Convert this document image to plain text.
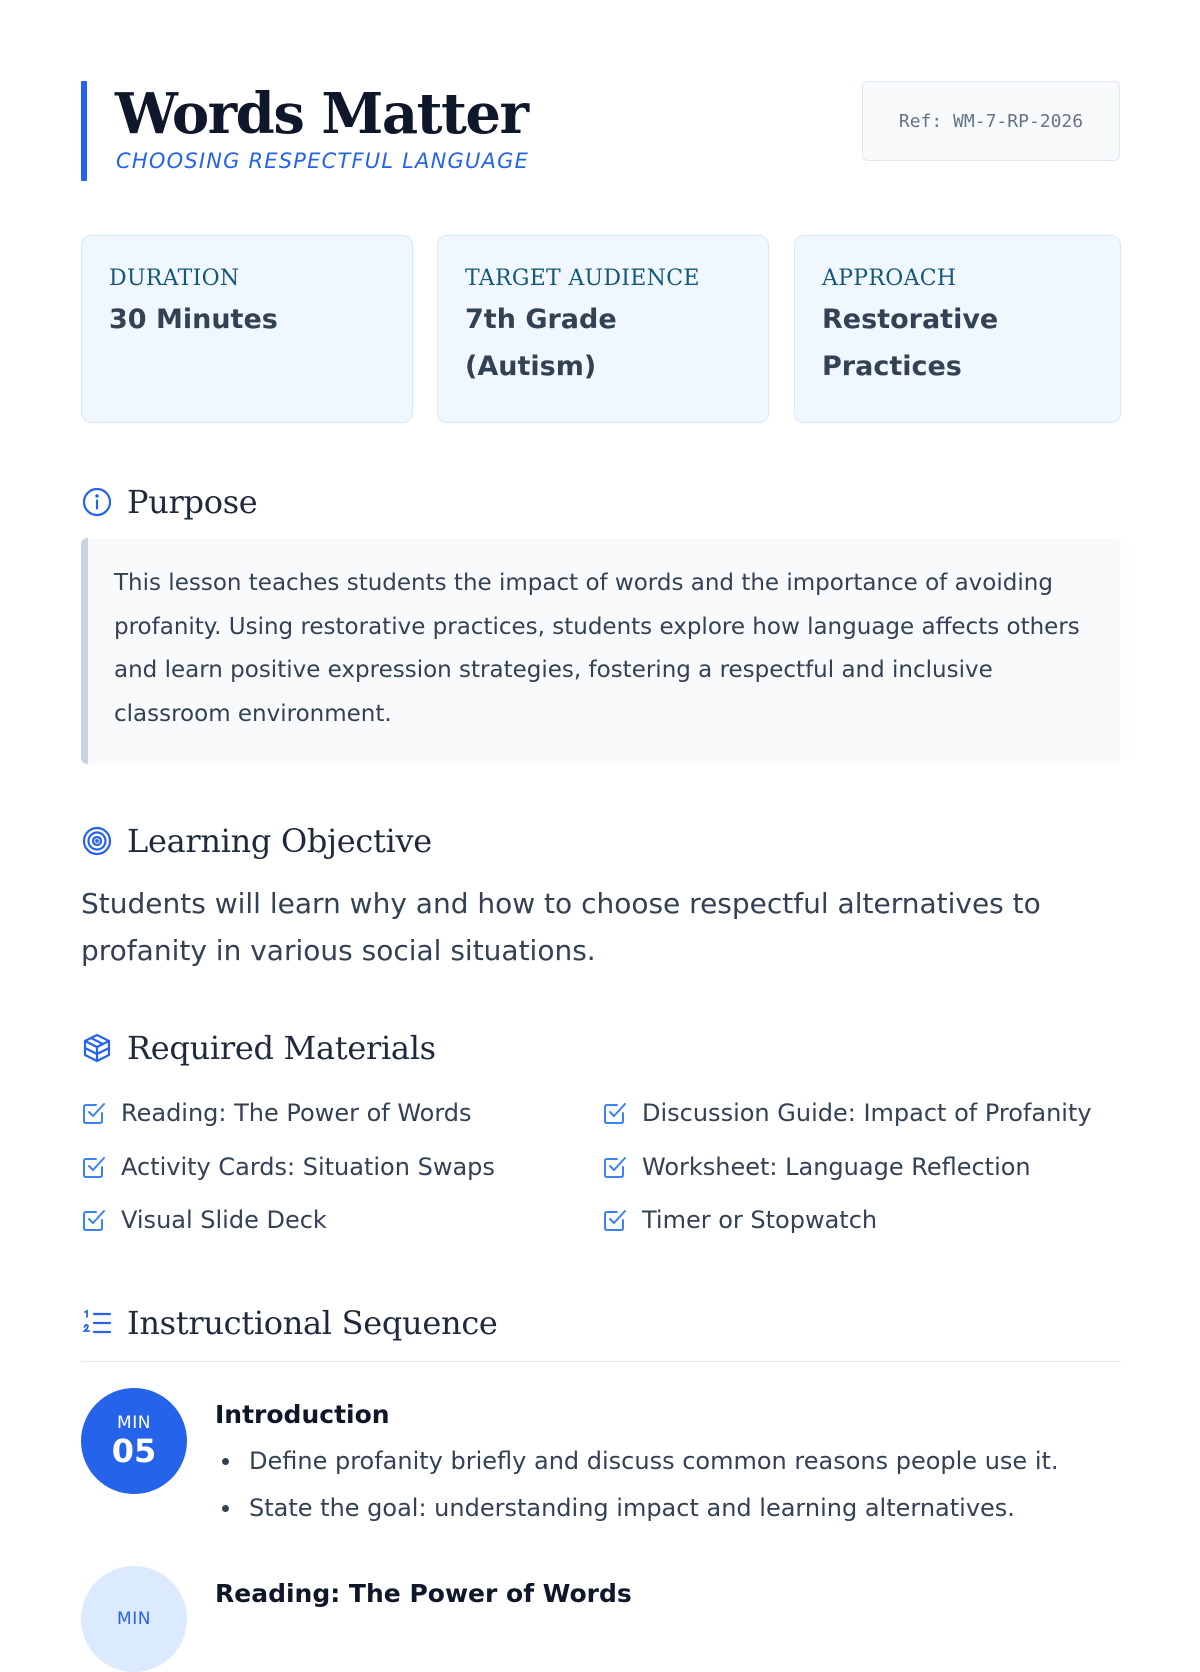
Words Matter
CHOOSING RESPECTFUL LANGUAGE
Ref: WM-7-RP-2026
DURATION
30 Minutes
TARGET AUDIENCE
7th Grade (Autism)
APPROACH
Restorative Practices
Purpose

This lesson teaches students the impact of words and the importance of avoiding profanity. Using restorative practices, students explore how language affects others and learn positive expression strategies, fostering a respectful and inclusive classroom environment.

Learning Objective

Students will learn why and how to choose respectful alternatives to profanity in various social situations.

Required Materials
Reading: The Power of Words	Discussion Guide: Impact of Profanity
Activity Cards: Situation Swaps	Worksheet: Language Reflection
Visual Slide Deck	Timer or Stopwatch
Instructional Sequence
MIN
05
Introduction
Define profanity briefly and discuss common reasons people use it.
State the goal: understanding impact and learning alternatives.
MIN
Reading: The Power of Words
